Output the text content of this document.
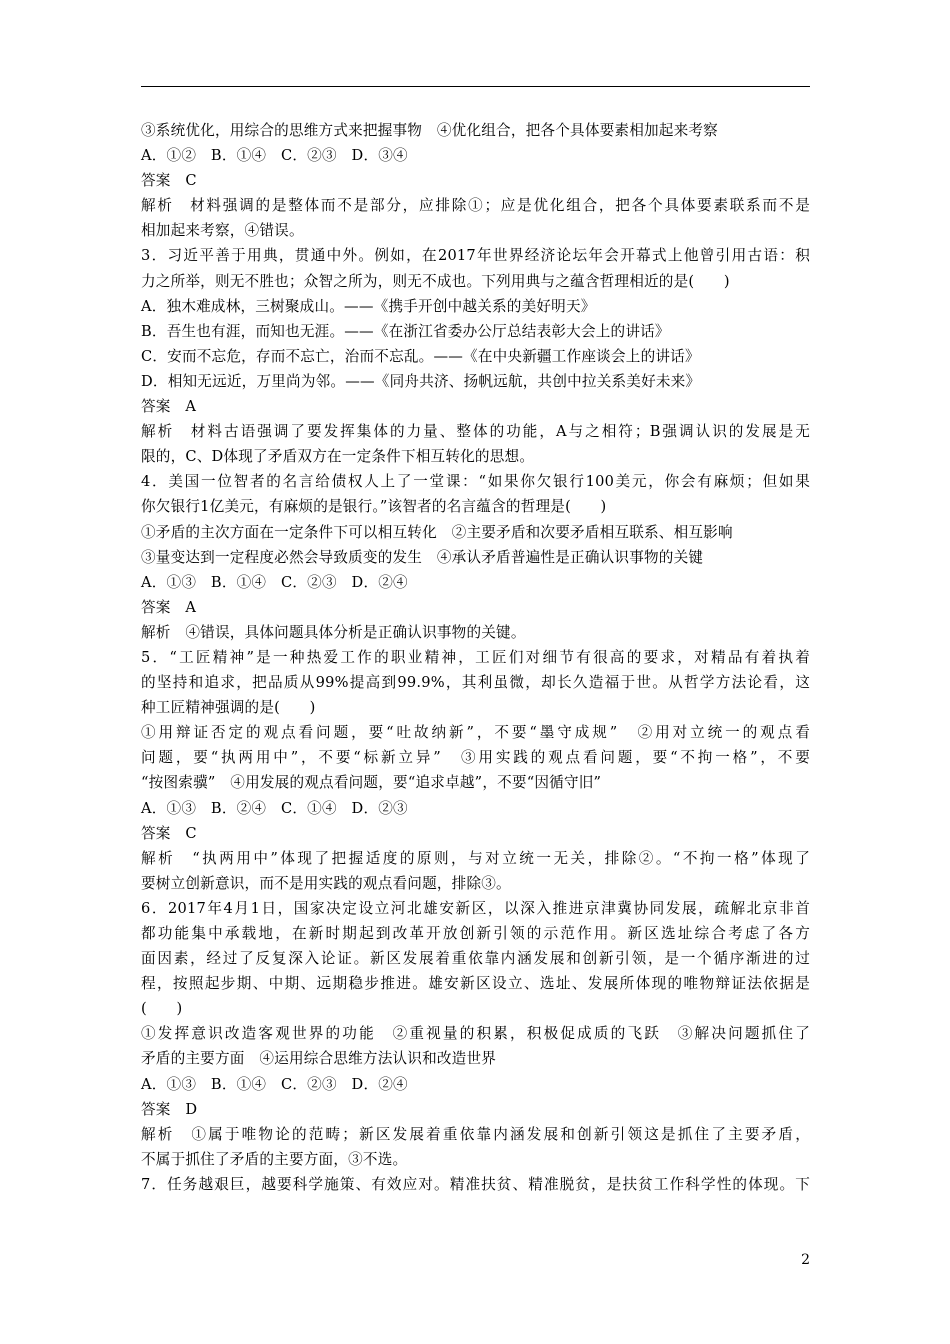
③系统优化，用综合的思维方式来把握事物　④优化组合，把各个具体要素相加起来考察
A．①②　B．①④　C．②③　D．③④
答案　C
解析　材料强调的是整体而不是部分，应排除①；应是优化组合，把各个具体要素联系而不是
相加起来考察，④错误。
3．习近平善于用典，贯通中外。例如，在2017年世界经济论坛年会开幕式上他曾引用古语：积
力之所举，则无不胜也；众智之所为，则无不成也。下列用典与之蕴含哲理相近的是(　　)
A．独木难成林，三树聚成山。——《携手开创中越关系的美好明天》
B．吾生也有涯，而知也无涯。——《在浙江省委办公厅总结表彰大会上的讲话》
C．安而不忘危，存而不忘亡，治而不忘乱。——《在中央新疆工作座谈会上的讲话》
D．相知无远近，万里尚为邻。——《同舟共济、扬帆远航，共创中拉关系美好未来》
答案　A
解析　材料古语强调了要发挥集体的力量、整体的功能，A与之相符；B强调认识的发展是无
限的，C、D体现了矛盾双方在一定条件下相互转化的思想。
4．美国一位智者的名言给债权人上了一堂课：“如果你欠银行100美元，你会有麻烦；但如果
你欠银行1亿美元，有麻烦的是银行。”该智者的名言蕴含的哲理是(　　)
①矛盾的主次方面在一定条件下可以相互转化　②主要矛盾和次要矛盾相互联系、相互影响
③量变达到一定程度必然会导致质变的发生　④承认矛盾普遍性是正确认识事物的关键
A．①③　B．①④　C．②③　D．②④
答案　A
解析　④错误，具体问题具体分析是正确认识事物的关键。
5．“工匠精神”是一种热爱工作的职业精神，工匠们对细节有很高的要求，对精品有着执着
的坚持和追求，把品质从99%提高到99.9%，其利虽微，却长久造福于世。从哲学方法论看，这
种工匠精神强调的是(　　)
①用辩证否定的观点看问题，要“吐故纳新”，不要“墨守成规”　②用对立统一的观点看
问题，要“执两用中”，不要“标新立异”　③用实践的观点看问题，要“不拘一格”，不要
“按图索骥”　④用发展的观点看问题，要“追求卓越”，不要“因循守旧”
A．①③　B．②④　C．①④　D．②③
答案　C
解析　“执两用中”体现了把握适度的原则，与对立统一无关，排除②。“不拘一格”体现了
要树立创新意识，而不是用实践的观点看问题，排除③。
6．2017年4月1日，国家决定设立河北雄安新区，以深入推进京津冀协同发展，疏解北京非首
都功能集中承载地，在新时期起到改革开放创新引领的示范作用。新区选址综合考虑了各方
面因素，经过了反复深入论证。新区发展着重依靠内涵发展和创新引领，是一个循序渐进的过
程，按照起步期、中期、远期稳步推进。雄安新区设立、选址、发展所体现的唯物辩证法依据是
(　　)
①发挥意识改造客观世界的功能　②重视量的积累，积极促成质的飞跃　③解决问题抓住了
矛盾的主要方面　④运用综合思维方法认识和改造世界
A．①③　B．①④　C．②③　D．②④
答案　D
解析　①属于唯物论的范畴；新区发展着重依靠内涵发展和创新引领这是抓住了主要矛盾，
不属于抓住了矛盾的主要方面，③不选。
7．任务越艰巨，越要科学施策、有效应对。精准扶贫、精准脱贫，是扶贫工作科学性的体现。下
2
